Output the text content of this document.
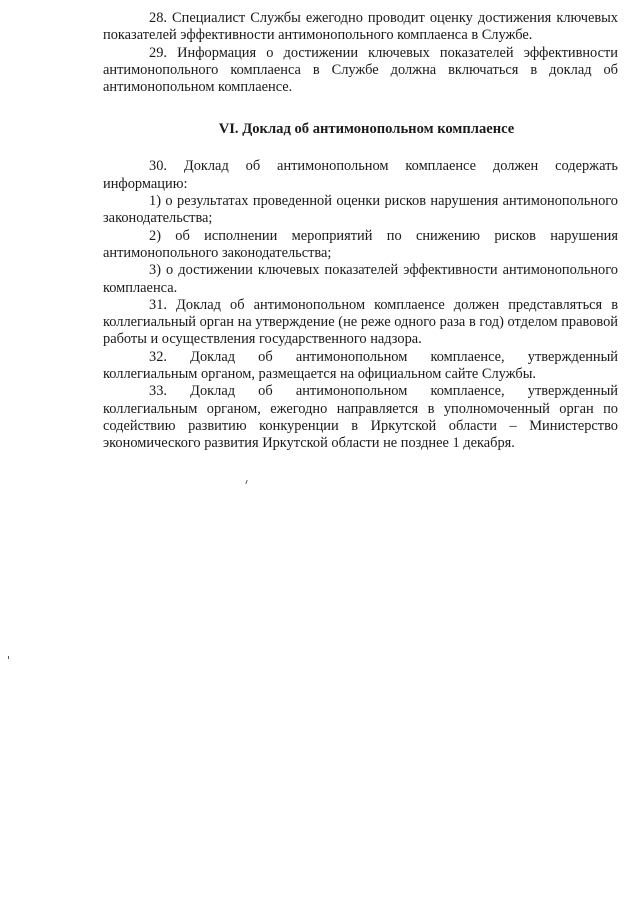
28. Специалист Службы ежегодно проводит оценку достижения ключевых показателей эффективности антимонопольного комплаенса в Службе.

29. Информация о достижении ключевых показателей эффективности антимонопольного комплаенса в Службе должна включаться в доклад об антимонопольном комплаенсе.

VI. Доклад об антимонопольном комплаенсе

30. Доклад об антимонопольном комплаенсе должен содержать информацию:

1) о результатах проведенной оценки рисков нарушения антимонопольного законодательства;

2) об исполнении мероприятий по снижению рисков нарушения антимонопольного законодательства;

3) о достижении ключевых показателей эффективности антимонопольного комплаенса.

31. Доклад об антимонопольном комплаенсе должен представляться в коллегиальный орган на утверждение (не реже одного раза в год) отделом правовой работы и осуществления государственного надзора.

32. Доклад об антимонопольном комплаенсе, утвержденный коллегиальным органом, размещается на официальном сайте Службы.

33. Доклад об антимонопольном комплаенсе, утвержденный коллегиальным органом, ежегодно направляется в уполномоченный орган по содействию развитию конкуренции в Иркутской области – Министерство экономического развития Иркутской области не позднее 1 декабря.
